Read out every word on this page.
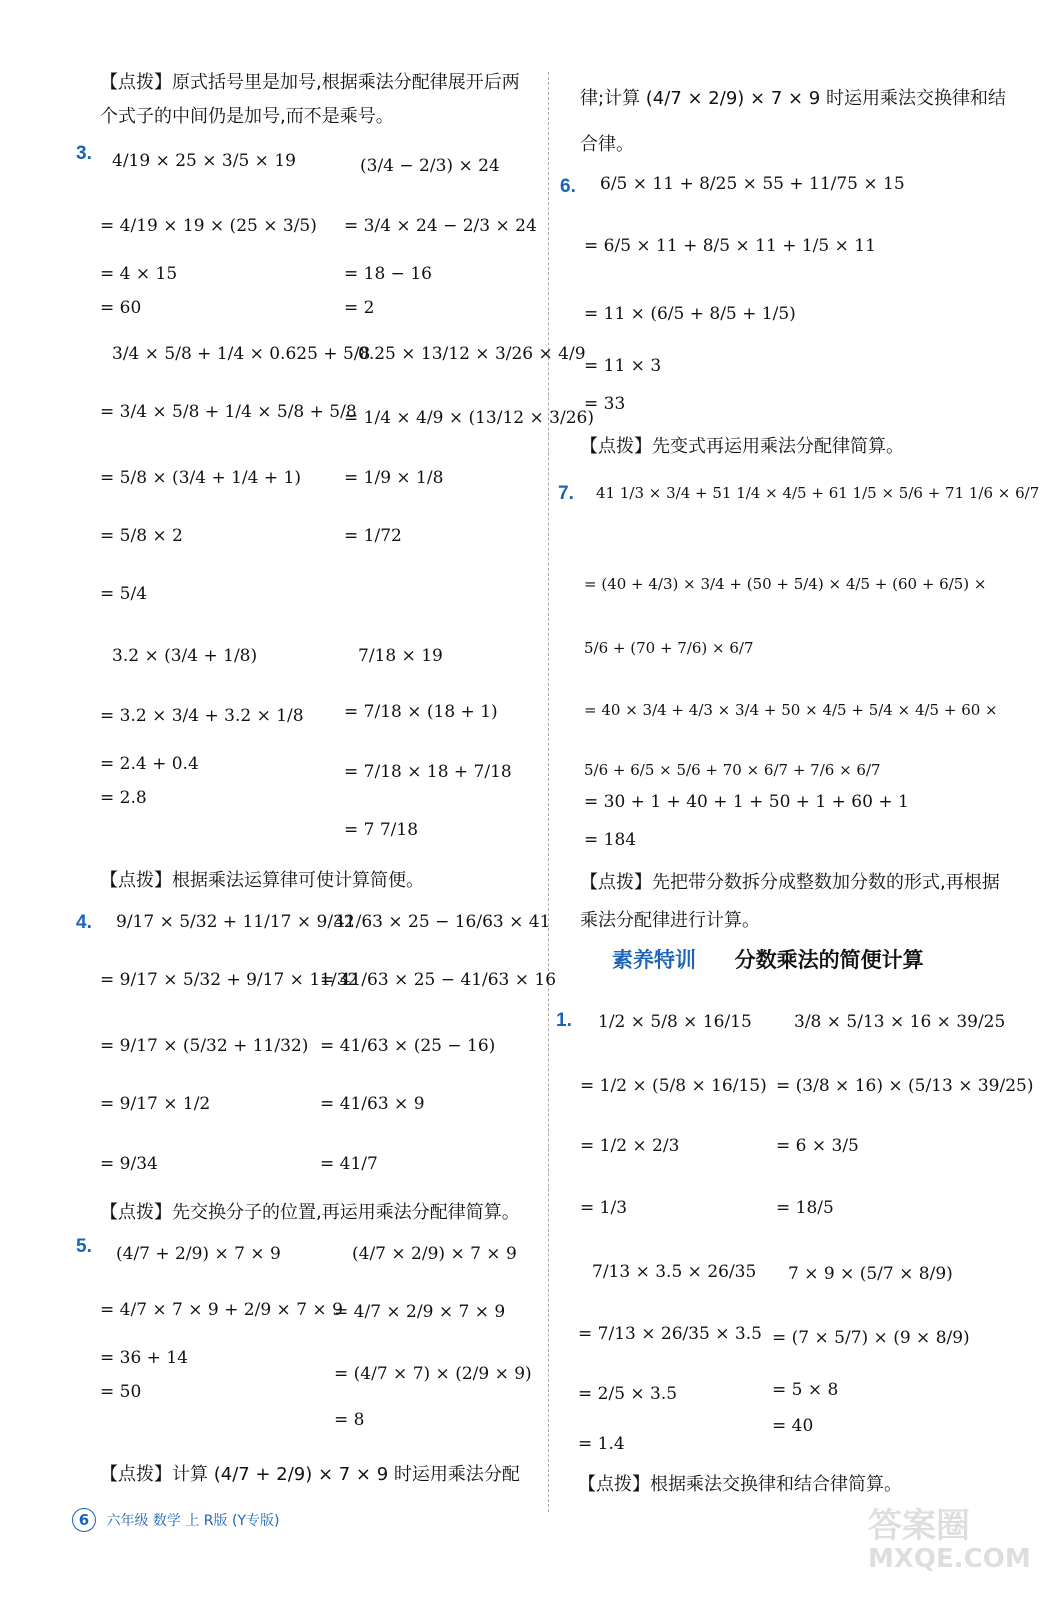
【点拨】原式括号里是加号,根据乘法分配律展开后两个式子的中间仍是加号,而不是乘号。
3. 4/19 × 25 × 3/5 × 19
= 4/19 × 19 × (25 × 3/5)
= 4 × 15
= 60
3/4 × 5/8 + 1/4 × 0.625 + 5/8
= 3/4 × 5/8 + 1/4 × 5/8 + 5/8
= 5/8 × (3/4 + 1/4 + 1)
= 5/8 × 2
= 5/4
3.2 × (3/4 + 1/8)
= 3.2 × 3/4 + 3.2 × 1/8
= 2.4 + 0.4
= 2.8
(3/4 − 2/3) × 24
= 3/4 × 24 − 2/3 × 24
= 18 − 16
= 2
0.25 × 13/12 × 3/26 × 4/9
= 1/4 × 4/9 × (13/12 × 3/26)
= 1/9 × 1/8
= 1/72
7/18 × 19
= 7/18 × (18 + 1)
= 7/18 × 18 + 7/18
= 7 7/18
【点拨】根据乘法运算律可使计算简便。
4. 9/17 × 5/32 + 11/17 × 9/32
= 9/17 × 5/32 + 9/17 × 11/32
= 9/17 × (5/32 + 11/32)
= 9/17 × 1/2
= 9/34
41/63 × 25 − 16/63 × 41
= 41/63 × 25 − 41/63 × 16
= 41/63 × (25 − 16)
= 41/63 × 9
= 41/7
【点拨】先交换分子的位置,再运用乘法分配律简算。
5. (4/7 + 2/9) × 7 × 9
= 4/7 × 7 × 9 + 2/9 × 7 × 9
= 36 + 14
= 50
(4/7 × 2/9) × 7 × 9
= 4/7 × 2/9 × 7 × 9
= (4/7 × 7) × (2/9 × 9)
= 8
【点拨】计算 (4/7 + 2/9) × 7 × 9 时运用乘法分配
律;计算 (4/7 × 2/9) × 7 × 9 时运用乘法交换律和结合律。
6. 6/5 × 11 + 8/25 × 55 + 11/75 × 15
= 6/5 × 11 + 8/5 × 11 + 1/5 × 11
= 11 × (6/5 + 8/5 + 1/5)
= 11 × 3
= 33
【点拨】先变式再运用乘法分配律简算。
7. 41 1/3 × 3/4 + 51 1/4 × 4/5 + 61 1/5 × 5/6 + 71 1/6 × 6/7
= (40 + 4/3) × 3/4 + (50 + 5/4) × 4/5 + (60 + 6/5) × 5/6 + (70 + 7/6) × 6/7
= 40 × 3/4 + 4/3 × 3/4 + 50 × 4/5 + 5/4 × 4/5 + 60 × 5/6 + 6/5 × 5/6 + 70 × 6/7 + 7/6 × 6/7
= 30 + 1 + 40 + 1 + 50 + 1 + 60 + 1
= 184
【点拨】先把带分数拆分成整数加分数的形式,再根据乘法分配律进行计算。
素养特训 分数乘法的简便计算
1. 1/2 × 5/8 × 16/15
= 1/2 × (5/8 × 16/15)
= 1/2 × 2/3
= 1/3
7/13 × 3.5 × 26/35
= 7/13 × 26/35 × 3.5
= 2/5 × 3.5
= 1.4
3/8 × 5/13 × 16 × 39/25
= (3/8 × 16) × (5/13 × 39/25)
= 6 × 3/5
= 18/5
7 × 9 × (5/7 × 8/9)
= (7 × 5/7) × (9 × 8/9)
= 5 × 8
= 40
【点拨】根据乘法交换律和结合律简算。
6 六年级 数学 上 R版 (Y专版)	答案圈
MXQE.COM
